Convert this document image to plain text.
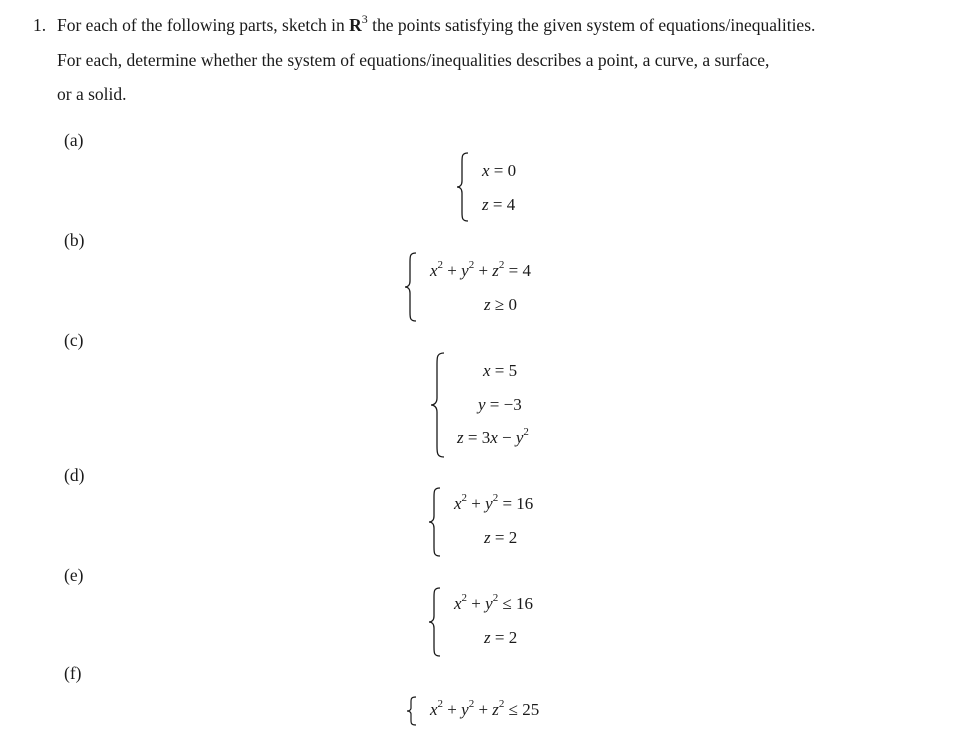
1. For each of the following parts, sketch in $R^3$ the points satisfying the given system of equations/inequalities.
For each, determine whether the system of equations/inequalities describes a point, a curve, a surface,
or a solid.
(a)
(b)
(c)
(d)
(e)
(f)
x = 0
z = 4
$x^2 + y^2 + z^2 = 4$
z ≥ 0
x = 5
y = −3
$z = 3x - y^2$
$x^2 + y^2 = 16$
z = 2
$x^2 + y^2 \le 16$
z = 2
$x^2 + y^2 + z^2 \le 25$
